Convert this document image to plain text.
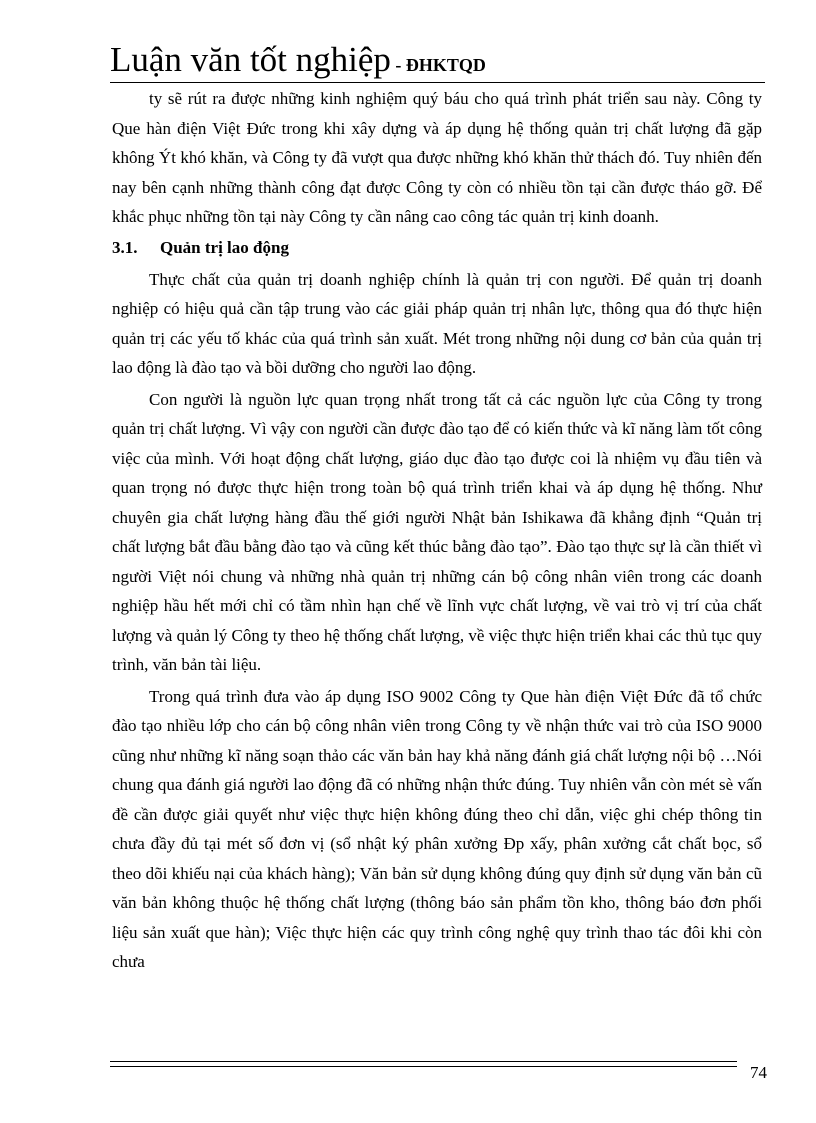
Luận văn tốt nghiệp - ĐHKTQD

ty sẽ rút ra được những kinh nghiệm quý báu cho quá trình phát triển sau này. Công ty Que hàn điện Việt Đức trong khi xây dựng và áp dụng hệ thống quản trị chất lượng đã gặp không Ýt khó khăn, và Công ty đã vượt qua được những khó khăn thử thách đó. Tuy nhiên đến nay bên cạnh những thành công đạt được Công ty còn có nhiều tồn tại cần được tháo gỡ. Để khắc phục những tồn tại này Công ty cần nâng cao công tác quản trị kinh doanh.

3.1.	Quản trị lao động

Thực chất của quản trị doanh nghiệp chính là quản trị con người. Để quản trị doanh nghiệp có hiệu quả cần tập trung vào các giải pháp quản trị nhân lực, thông qua đó thực hiện quản trị các yếu tố khác của quá trình sản xuất. Mét trong những nội dung cơ bản của quản trị lao động là đào tạo và bồi dưỡng cho người lao động.

Con người là nguồn lực quan trọng nhất trong tất cả các nguồn lực của Công ty trong quản trị chất lượng. Vì vậy con người cần được đào tạo để có kiến thức và kĩ năng làm tốt công việc của mình. Với hoạt động chất lượng, giáo dục đào tạo được coi là nhiệm vụ đầu tiên và quan trọng nó được thực hiện trong toàn bộ quá trình triển khai và áp dụng hệ thống. Như chuyên gia chất lượng hàng đầu thế giới người Nhật bản Ishikawa đã khẳng định “Quản trị chất lượng bắt đầu bằng đào tạo và cũng kết thúc bằng đào tạo”. Đào tạo thực sự là cần thiết vì người Việt nói chung và những nhà quản trị những cán bộ công nhân viên trong các doanh nghiệp hầu hết mới chỉ có tầm nhìn hạn chế về lĩnh vực chất lượng, về vai trò vị trí của chất lượng và quản lý Công ty theo hệ thống chất lượng, về việc thực hiện triển khai các thủ tục quy trình, văn bản tài liệu.

Trong quá trình đưa vào áp dụng ISO 9002 Công ty Que hàn điện Việt Đức đã tổ chức đào tạo nhiều lớp cho cán bộ công nhân viên trong Công ty về nhận thức vai trò của ISO 9000 cũng như những kĩ năng soạn thảo các văn bản hay khả năng đánh giá chất lượng nội bộ …Nói chung qua đánh giá người lao động đã có những nhận thức đúng. Tuy nhiên vẫn còn mét sè vấn đề cần được giải quyết như việc thực hiện không đúng theo chỉ dẫn, việc ghi chép thông tin chưa đầy đủ tại mét số đơn vị (sổ nhật ký phân xưởng Đp xấy, phân xưởng cắt chất bọc, sổ theo dõi khiếu nại của khách hàng); Văn bản sử dụng không đúng quy định sử dụng văn bản cũ văn bản không thuộc hệ thống chất lượng (thông báo sản phẩm tồn kho, thông báo đơn phối liệu sản xuất que hàn); Việc thực hiện các quy trình công nghệ quy trình thao tác đôi khi còn chưa

74
